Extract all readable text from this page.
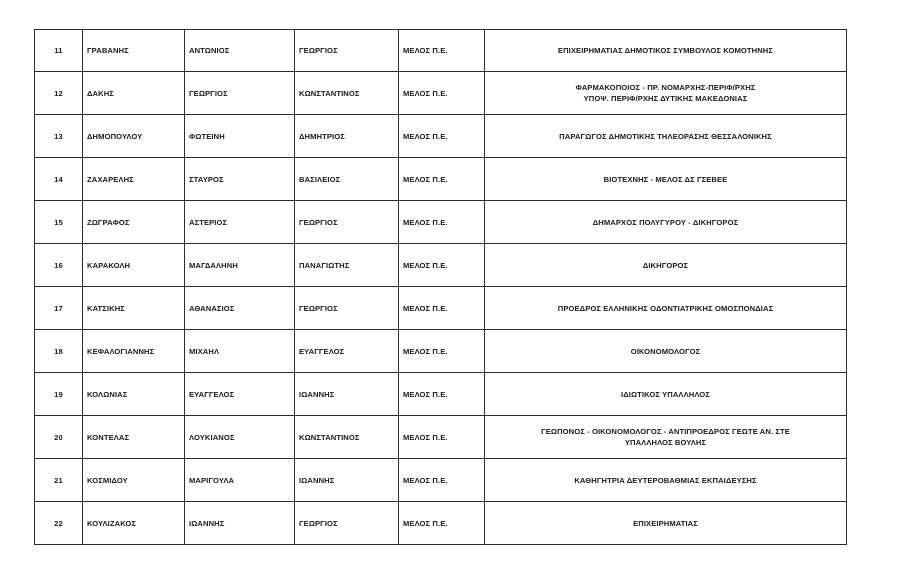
11	ΓΡΑΒΑΝΗΣ	ΑΝΤΩΝΙΟΣ	ΓΕΩΡΓΙΟΣ	ΜΕΛΟΣ Π.Ε.	ΕΠΙΧΕΙΡΗΜΑΤΙΑΣ ΔΗΜΟΤΙΚΟΣ ΣΥΜΒΟΥΛΟΣ ΚΟΜΟΤΗΝΗΣ

12	ΔΑΚΗΣ	ΓΕΩΡΓΙΟΣ	ΚΩΝΣΤΑΝΤΙΝΟΣ	ΜΕΛΟΣ Π.Ε.	ΦΑΡΜΑΚΟΠΟΙΟΣ - ΠΡ. ΝΟΜΑΡΧΗΣ-ΠΕΡΙΦ/ΡΧΗΣ
ΥΠΟΨ. ΠΕΡΙΦ/ΡΧΗΣ ΔΥΤΙΚΗΣ ΜΑΚΕΔΟΝΙΑΣ

13	ΔΗΜΟΠΟΥΛΟΥ	ΦΩΤΕΙΝΗ	ΔΗΜΗΤΡΙΟΣ	ΜΕΛΟΣ Π.Ε.	ΠΑΡΑΓΩΓΟΣ ΔΗΜΟΤΙΚΗΣ ΤΗΛΕΟΡΑΣΗΣ ΘΕΣΣΑΛΟΝΙΚΗΣ

14	ΖΑΧΑΡΕΛΗΣ	ΣΤΑΥΡΟΣ	ΒΑΣΙΛΕΙΟΣ	ΜΕΛΟΣ Π.Ε.	ΒΙΟΤΕΧΝΗΣ - ΜΕΛΟΣ ΔΣ ΓΣΕΒΕΕ

15	ΖΩΓΡΑΦΟΣ	ΑΣΤΕΡΙΟΣ	ΓΕΩΡΓΙΟΣ	ΜΕΛΟΣ Π.Ε.	ΔΗΜΑΡΧΟΣ ΠΟΛΥΓΥΡΟΥ - ΔΙΚΗΓΟΡΟΣ

16	ΚΑΡΑΚΟΛΗ	ΜΑΓΔΑΛΗΝΗ	ΠΑΝΑΓΙΩΤΗΣ	ΜΕΛΟΣ Π.Ε.	ΔΙΚΗΓΟΡΟΣ

17	ΚΑΤΣΙΚΗΣ	ΑΘΑΝΑΣΙΟΣ	ΓΕΩΡΓΙΟΣ	ΜΕΛΟΣ Π.Ε.	ΠΡΟΕΔΡΟΣ ΕΛΛΗΝΙΚΗΣ ΟΔΟΝΤΙΑΤΡΙΚΗΣ ΟΜΟΣΠΟΝΔΙΑΣ

18	ΚΕΦΑΛΟΓΙΑΝΝΗΣ	ΜΙΧΑΗΛ	ΕΥΑΓΓΕΛΟΣ	ΜΕΛΟΣ Π.Ε.	ΟΙΚΟΝΟΜΟΛΟΓΟΣ

19	ΚΟΛΩΝΙΑΣ	ΕΥΑΓΓΕΛΟΣ	ΙΩΑΝΝΗΣ	ΜΕΛΟΣ Π.Ε.	ΙΔΙΩΤΙΚΟΣ ΥΠΑΛΛΗΛΟΣ

20	ΚΟΝΤΕΛΑΣ	ΛΟΥΚΙΑΝΟΣ	ΚΩΝΣΤΑΝΤΙΝΟΣ	ΜΕΛΟΣ Π.Ε.	ΓΕΩΠΟΝΟΣ - ΟΙΚΟΝΟΜΟΛΟΓΟΣ - ΑΝΤΙΠΡΟΕΔΡΟΣ ΓΕΩΤΕ ΑΝ. ΣΤΕ
ΥΠΑΛΛΗΛΟΣ ΒΟΥΛΗΣ

21	ΚΟΣΜΙΔΟΥ	ΜΑΡΙΓΟΥΛΑ	ΙΩΑΝΝΗΣ	ΜΕΛΟΣ Π.Ε.	ΚΑΘΗΓΗΤΡΙΑ ΔΕΥΤΕΡΟΒΑΘΜΙΑΣ ΕΚΠΑΙΔΕΥΣΗΣ

22	ΚΟΥΛΙΖΑΚΟΣ	ΙΩΑΝΝΗΣ	ΓΕΩΡΓΙΟΣ	ΜΕΛΟΣ Π.Ε.	ΕΠΙΧΕΙΡΗΜΑΤΙΑΣ
